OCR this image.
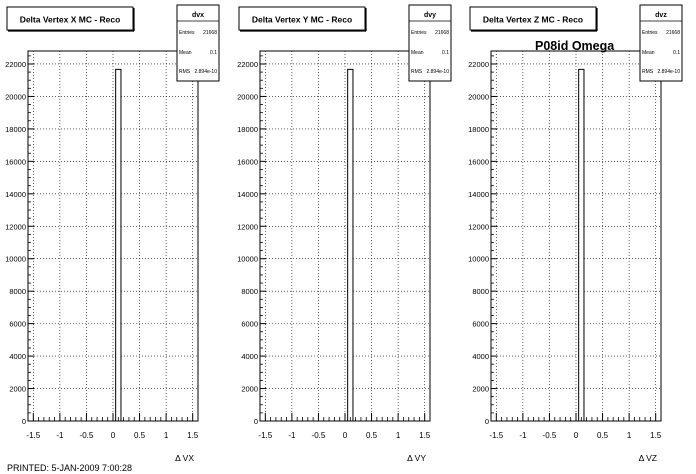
-1.5 -1 -0.5 0 0.5 1 1.5
0
2000
4000
6000
8000
10000
12000
14000
16000
18000
20000
22000
Δ VX
Delta Vertex X MC - Reco	dvx
Entries 21668
Mean	0.1
RMS 2.894e-10
-1.5 -1 -0.5 0 0.5 1 1.5
0
2000
4000
6000
8000
10000
12000
14000
16000
18000
20000
22000
Δ VY
Delta Vertex Y MC - Reco	dvy
Entries 21668
Mean	0.1
RMS 2.894e-10
-1.5 -1 -0.5 0 0.5 1 1.5
0
2000
4000
6000
8000
10000
12000
14000
16000
18000
20000
22000
Δ VZ
Delta Vertex Z MC - Reco	dvz
Entries 21668
Mean	0.1
RMS 2.894e-10
P08id Omega
PRINTED: 5-JAN-2009 7:00:28
